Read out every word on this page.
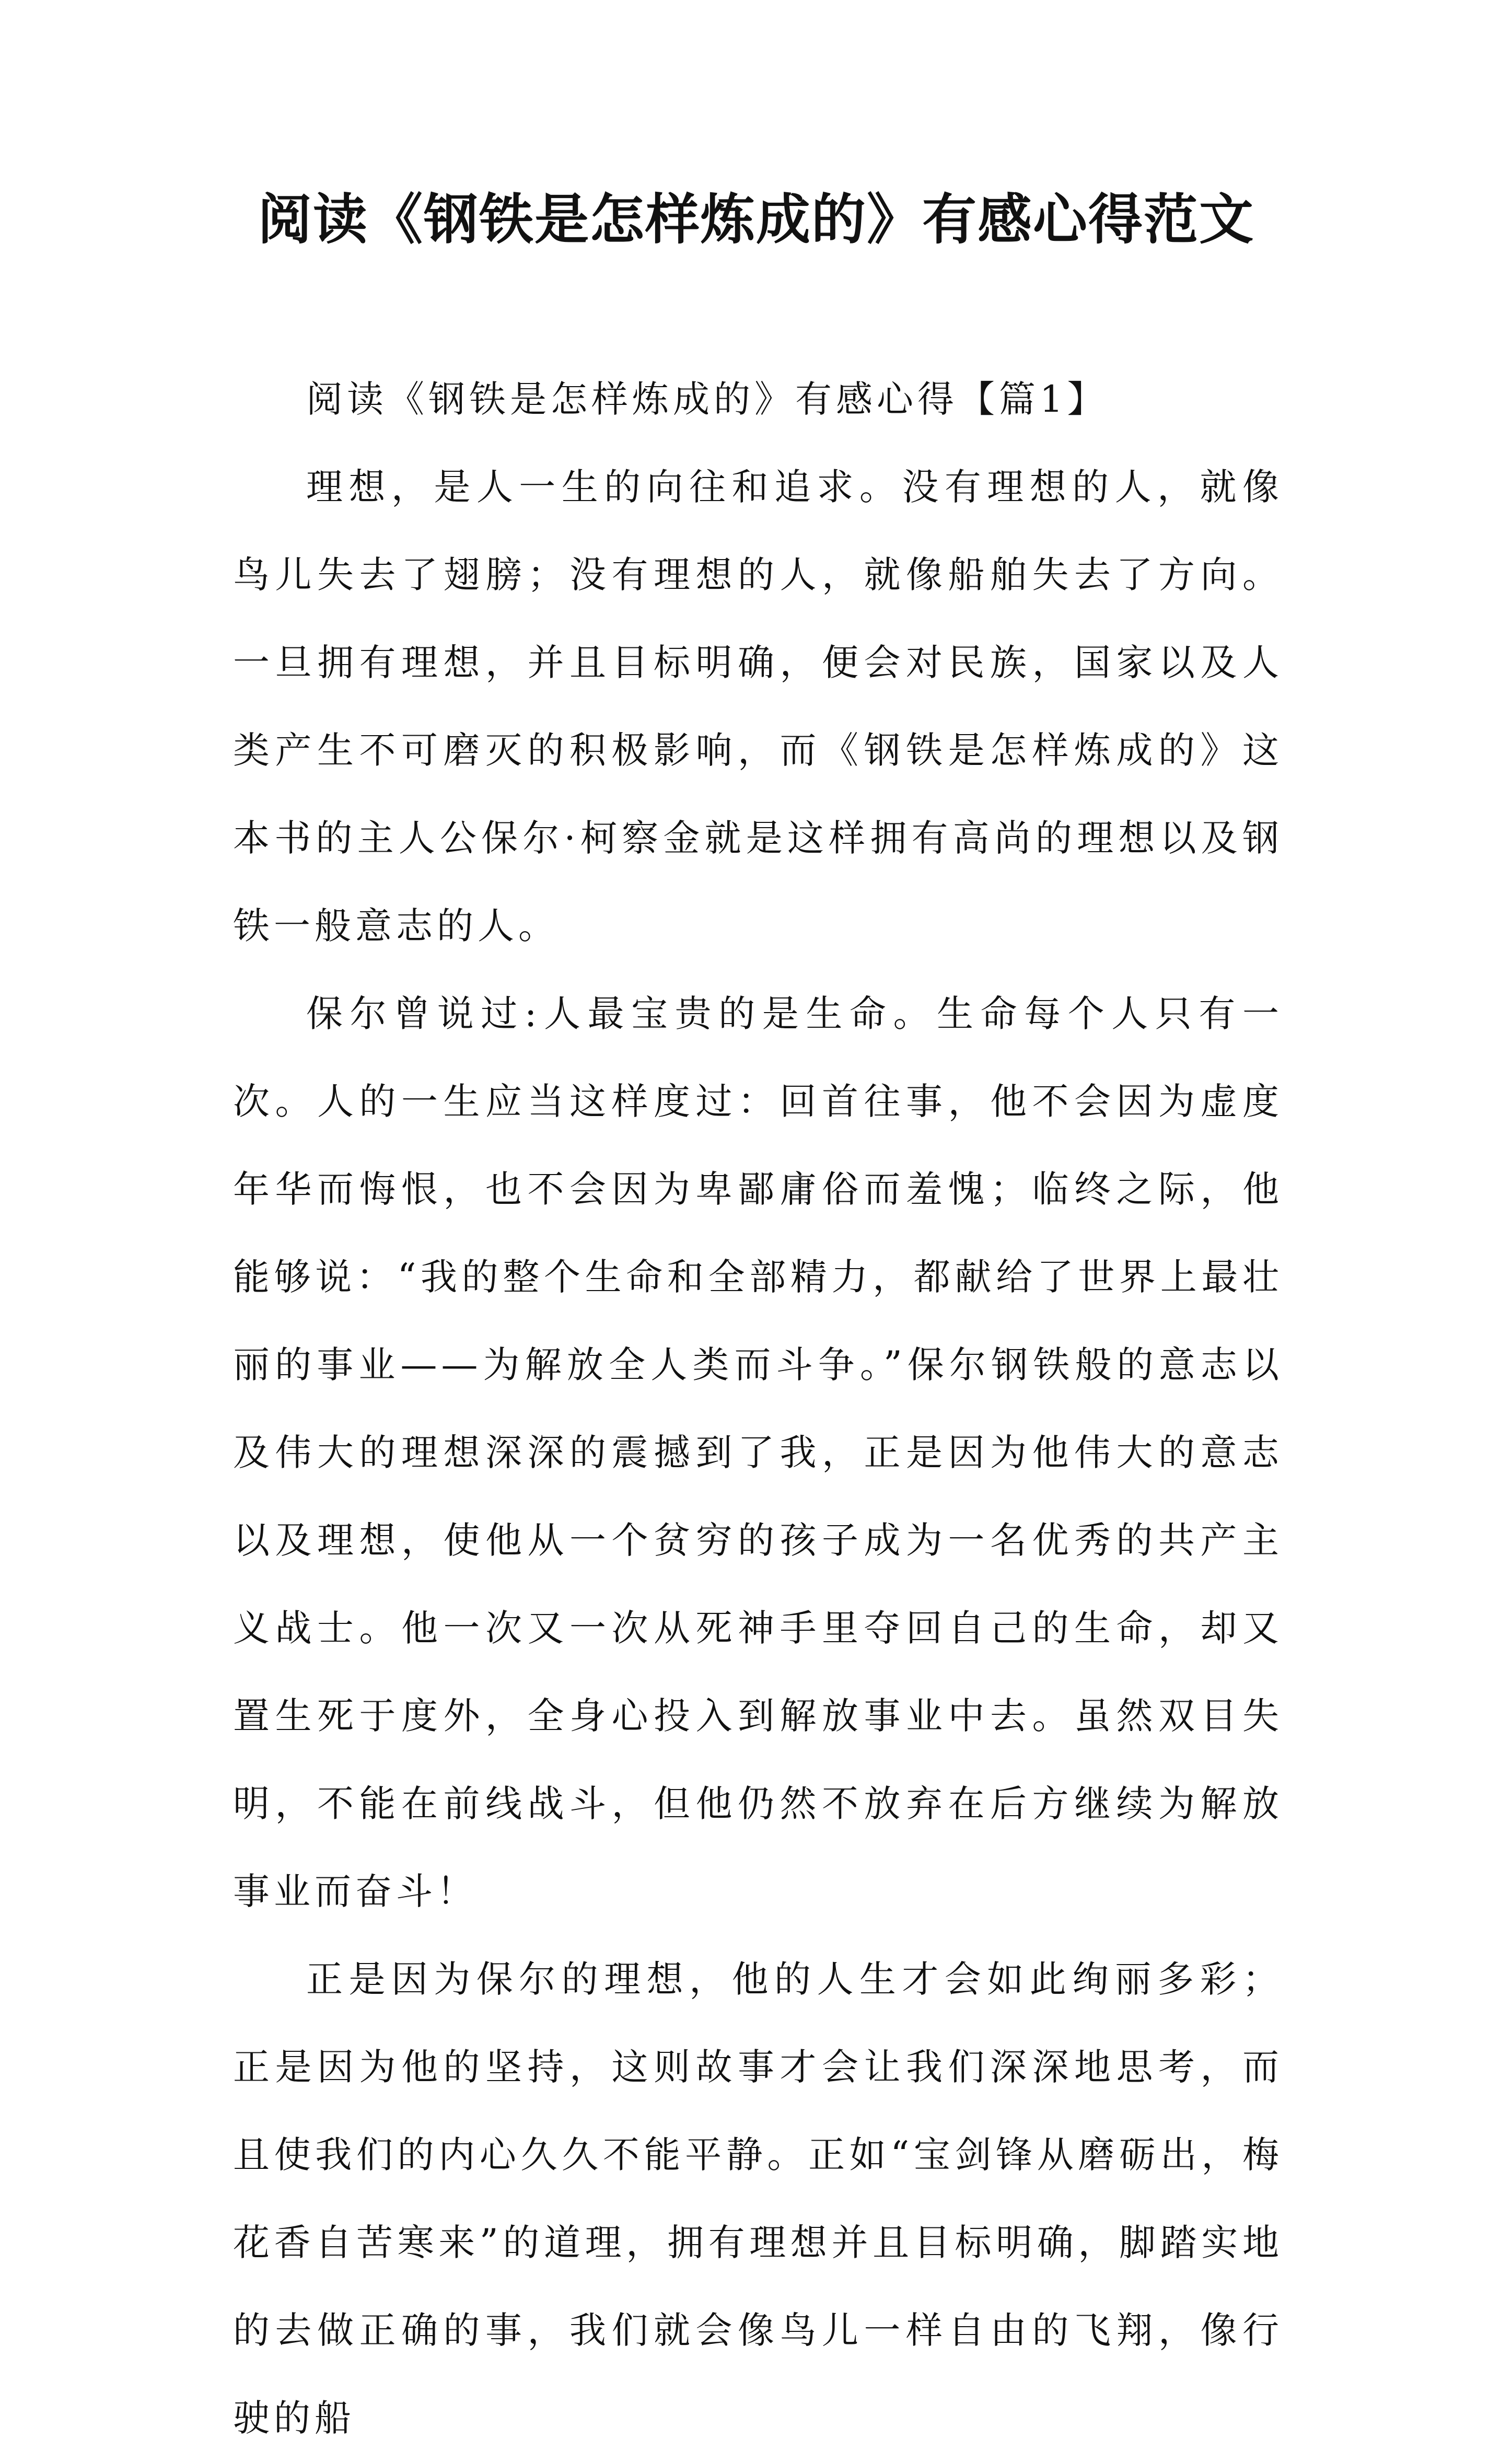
阅读《钢铁是怎样炼成的》有感心得范文

阅读《钢铁是怎样炼成的》有感心得【篇1】

理想，是人一生的向往和追求。没有理想的人，就像鸟儿失去了翅膀；没有理想的人，就像船舶失去了方向。一旦拥有理想，并且目标明确，便会对民族，国家以及人类产生不可磨灭的积极影响，而《钢铁是怎样炼成的》这本书的主人公保尔·柯察金就是这样拥有高尚的理想以及钢铁一般意志的人。

保尔曾说过:人最宝贵的是生命。生命每个人只有一次。人的一生应当这样度过：回首往事，他不会因为虚度年华而悔恨，也不会因为卑鄙庸俗而羞愧；临终之际，他能够说：“我的整个生命和全部精力，都献给了世界上最壮丽的事业——为解放全人类而斗争。”保尔钢铁般的意志以及伟大的理想深深的震撼到了我，正是因为他伟大的意志以及理想，使他从一个贫穷的孩子成为一名优秀的共产主义战士。他一次又一次从死神手里夺回自己的生命，却又置生死于度外，全身心投入到解放事业中去。虽然双目失明，不能在前线战斗，但他仍然不放弃在后方继续为解放事业而奋斗！

正是因为保尔的理想，他的人生才会如此绚丽多彩；正是因为他的坚持，这则故事才会让我们深深地思考，而且使我们的内心久久不能平静。正如“宝剑锋从磨砺出，梅花香自苦寒来”的道理，拥有理想并且目标明确，脚踏实地的去做正确的事，我们就会像鸟儿一样自由的飞翔，像行驶的船
